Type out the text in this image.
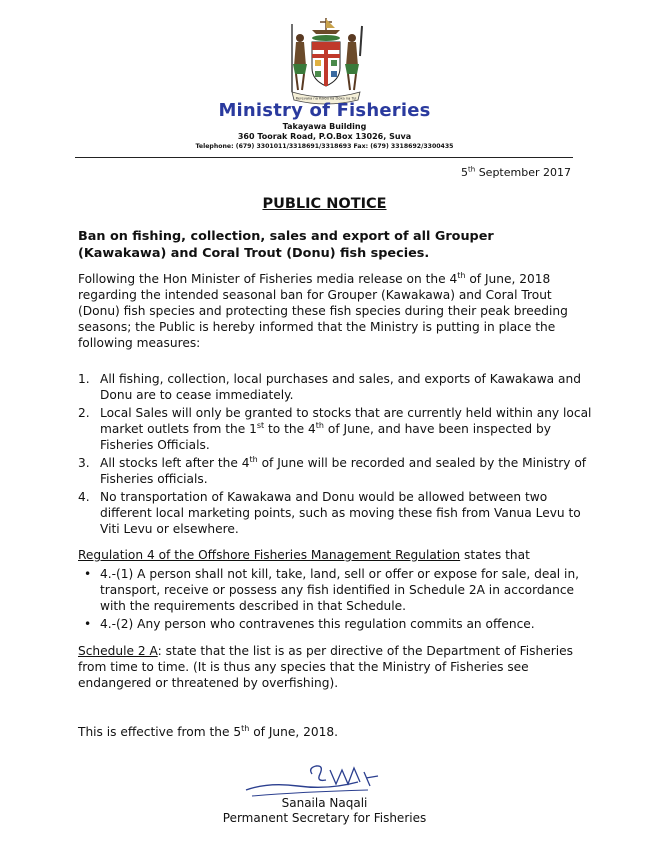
Rerevaka na Kalou ka Doka na Tui
Ministry of Fisheries
Takayawa Building
360 Toorak Road, P.O.Box 13026, Suva
Telephone: (679) 3301011/3318691/3318693 Fax: (679) 3318692/3300435
5th September 2017
PUBLIC NOTICE
Ban on fishing, collection, sales and export of all Grouper (Kawakawa) and Coral Trout (Donu) fish species.
Following the Hon Minister of Fisheries media release on the 4th of June, 2018 regarding the intended seasonal ban for Grouper (Kawakawa) and Coral Trout (Donu) fish species and protecting these fish species during their peak breeding seasons; the Public is hereby informed that the Ministry is putting in place the following measures:
1. All fishing, collection, local purchases and sales, and exports of Kawakawa and Donu are to cease immediately.
2. Local Sales will only be granted to stocks that are currently held within any local market outlets from the 1st to the 4th of June, and have been inspected by Fisheries Officials.
3. All stocks left after the 4th of June will be recorded and sealed by the Ministry of Fisheries officials.
4. No transportation of Kawakawa and Donu would be allowed between two different local marketing points, such as moving these fish from Vanua Levu to Viti Levu or elsewhere.
Regulation 4 of the Offshore Fisheries Management Regulation states that
• 4.-(1) A person shall not kill, take, land, sell or offer or expose for sale, deal in, transport, receive or possess any fish identified in Schedule 2A in accordance with the requirements described in that Schedule.
• 4.-(2) Any person who contravenes this regulation commits an offence.
Schedule 2 A: state that the list is as per directive of the Department of Fisheries from time to time. (It is thus any species that the Ministry of Fisheries see endangered or threatened by overfishing).
This is effective from the 5th of June, 2018.
Sanaila Naqali
Permanent Secretary for Fisheries
